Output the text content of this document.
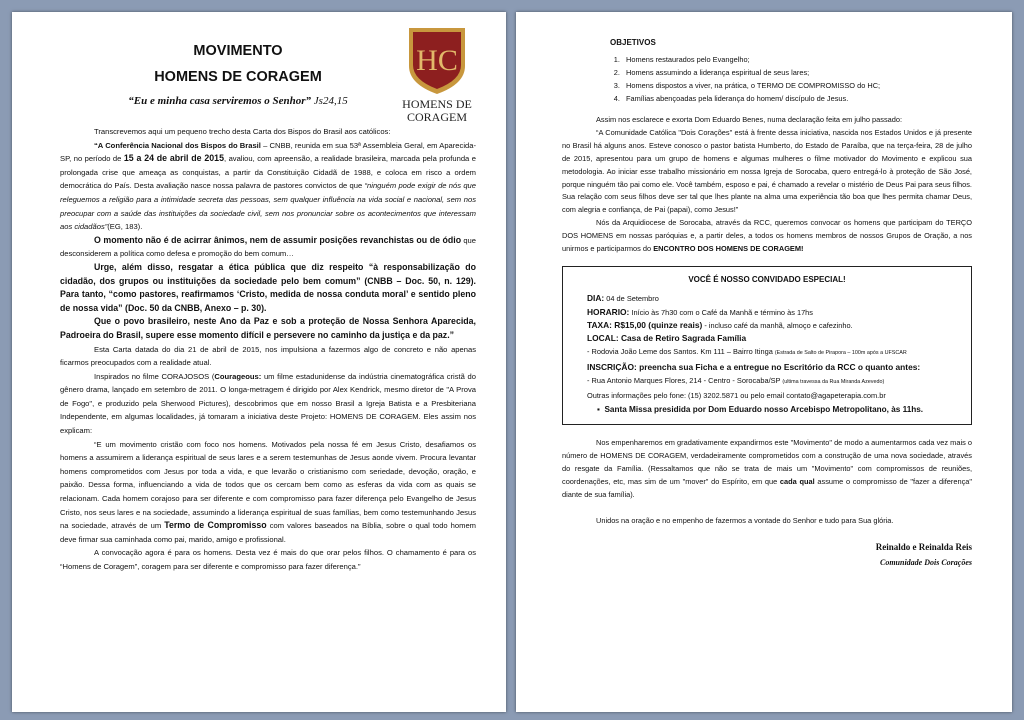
MOVIMENTO
HOMENS DE CORAGEM
“Eu e minha casa serviremos o Senhor” Js24,15
HC
HOMENS DE
CORAGEM

Transcrevemos aqui um pequeno trecho desta Carta dos Bispos do Brasil aos católicos:

“A Conferência Nacional dos Bispos do Brasil – CNBB, reunida em sua 53ª Assembleia Geral, em Aparecida-SP, no período de 15 a 24 de abril de 2015, avaliou, com apreensão, a realidade brasileira, marcada pela profunda e prolongada crise que ameaça as conquistas, a partir da Constituição Cidadã de 1988, e coloca em risco a ordem democrática do País. Desta avaliação nasce nossa palavra de pastores convictos de que “ninguém pode exigir de nós que releguemos a religião para a intimidade secreta das pessoas, sem qualquer influência na vida social e nacional, sem nos preocupar com a saúde das instituições da sociedade civil, sem nos pronunciar sobre os acontecimentos que interessam aos cidadãos”(EG, 183).

O momento não é de acirrar ânimos, nem de assumir posições revanchistas ou de ódio que desconsiderem a política como defesa e promoção do bem comum…

Urge, além disso, resgatar a ética pública que diz respeito “à responsabilização do cidadão, dos grupos ou instituições da sociedade pelo bem comum” (CNBB – Doc. 50, n. 129). Para tanto, “como pastores, reafirmamos ‘Cristo, medida de nossa conduta moral’ e sentido pleno de nossa vida” (Doc. 50 da CNBB, Anexo – p. 30).

Que o povo brasileiro, neste Ano da Paz e sob a proteção de Nossa Senhora Aparecida, Padroeira do Brasil, supere esse momento difícil e persevere no caminho da justiça e da paz.”

Esta Carta datada do dia 21 de abril de 2015, nos impulsiona a fazermos algo de concreto e não apenas ficarmos preocupados com a realidade atual.

Inspirados no filme CORAJOSOS (Courageous: um filme estadunidense da indústria cinematográfica cristã do gênero drama, lançado em setembro de 2011. O longa-metragem é dirigido por Alex Kendrick, mesmo diretor de "A Prova de Fogo", e produzido pela Sherwood Pictures), descobrimos que em nosso Brasil a Igreja Batista e a Presbiteriana Independente, em algumas localidades, já tomaram a iniciativa deste Projeto: HOMENS DE CORAGEM. Eles assim nos explicam:

“E um movimento cristão com foco nos homens. Motivados pela nossa fé em Jesus Cristo, desafiamos os homens a assumirem a liderança espiritual de seus lares e a serem testemunhas de Jesus aonde vivem. Procura levantar homens comprometidos com Jesus por toda a vida, e que levarão o cristianismo com seriedade, devoção, oração, e paixão. Dessa forma, influenciando a vida de todos que os cercam bem como as esferas da vida com as quais se relacionam. Cada homem corajoso para ser diferente e com compromisso para fazer diferença pelo Evangelho de Jesus Cristo, nos seus lares e na sociedade, assumindo a liderança espiritual de suas famílias, bem como testemunhando Jesus na sociedade, através de um Termo de Compromisso com valores baseados na Bíblia, sobre o qual todo homem deve firmar sua caminhada como pai, marido, amigo e profissional.

A convocação agora é para os homens. Desta vez é mais do que orar pelos filhos. O chamamento é para os “Homens de Coragem”, coragem para ser diferente e compromisso para fazer diferença.”

OBJETIVOS
1. Homens restaurados pelo Evangelho;
2. Homens assumindo a liderança espiritual de seus lares;
3. Homens dispostos a viver, na prática, o TERMO DE COMPROMISSO do HC;
4. Famílias abençoadas pela liderança do homem/ discípulo de Jesus.

Assim nos esclarece e exorta Dom Eduardo Benes, numa declaração feita em julho passado:

“A Comunidade Católica "Dois Corações" está à frente dessa iniciativa, nascida nos Estados Unidos e já presente no Brasil há alguns anos. Esteve conosco o pastor batista Humberto, do Estado de Paraíba, que na terça-feira, 28 de julho de 2015, apresentou para um grupo de homens e algumas mulheres o filme motivador do Movimento e explicou sua metodologia. Ao iniciar esse trabalho missionário em nossa Igreja de Sorocaba, quero entregá-lo à proteção de São José, porque ninguém tão pai como ele. Você também, esposo e pai, é chamado a revelar o mistério de Deus Pai para seus filhos. Sua relação com seus filhos deve ser tal que lhes plante na alma uma experiência tão boa que lhes permita chamar Deus, com alegria e confiança, de Pai (papai), como Jesus!”

Nós da Arquidiocese de Sorocaba, através da RCC, queremos convocar os homens que participam do TERÇO DOS HOMENS em nossas paróquias e, a partir deles, a todos os homens membros de nossos Grupos de Oração, a nos unirmos e participarmos do ENCONTRO DOS HOMENS DE CORAGEM!

VOCÊ É NOSSO CONVIDADO ESPECIAL!
DIA: 04 de Setembro
HORARIO: Início às 7h30 com o Café da Manhã e término às 17hs
TAXA: R$15,00 (quinze reais) - incluso café da manhã, almoço e cafezinho.
LOCAL: Casa de Retiro Sagrada Família
- Rodovia João Leme dos Santos. Km 111 – Bairro Itinga (Estrada de Salto de Pirapora – 100m após a UFSCAR
INSCRIÇÃO: preencha sua Ficha e a entregue no Escritório da RCC o quanto antes:
- Rua Antonio Marques Flores, 214 - Centro - Sorocaba/SP (ultima travessa da Rua Miranda Azevedo)
Outras informações pelo fone: (15) 3202.5871 ou pelo email contato@agapeterapia.com.br
▪  Santa Missa presidida por Dom Eduardo nosso Arcebispo Metropolitano, às 11hs.

Nos empenharemos em gradativamente expandirmos este "Movimento" de modo a aumentarmos cada vez mais o número de HOMENS DE CORAGEM, verdadeiramente comprometidos com a construção de uma nova sociedade, através do resgate da Família. (Ressaltamos que não se trata de mais um "Movimento" com compromissos de reuniões, coordenações, etc, mas sim de um "mover" do Espírito, em que cada qual assume o compromisso de "fazer a diferença" diante de sua família).

Unidos na oração e no empenho de fazermos a vontade do Senhor e tudo para Sua glória.

Reinaldo e Reinalda Reis
Comunidade Dois Corações
